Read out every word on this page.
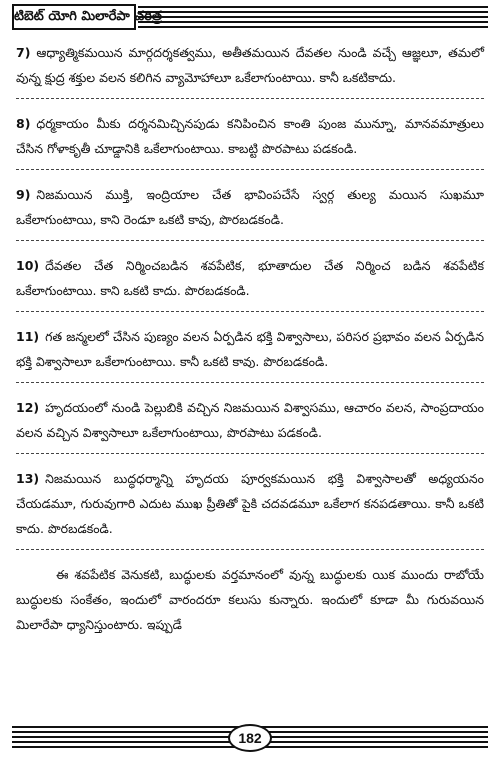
టిబెట్ యోగి మిలారేపా చరిత్ర

7) ఆధ్యాత్మికమయిన మార్గదర్శకత్వము, అతీతమయిన దేవతల నుండి వచ్చే ఆజ్ఞలూ, తమలో వున్న క్షుద్ర శక్తుల వలన కలిగిన వ్యామోహాలూ ఒకేలాగుంటాయి. కానీ ఒకటికాదు.

8) ధర్మకాయం మీకు దర్శనమిచ్చినపుడు కనిపించిన కాంతి పుంజ మున్నూ, మానవమాత్రులు చేసిన గోళాకృతీ చూడ్డానికి ఒకేలాగుంటాయి. కాబట్టి పొరపాటు పడకండి.

9) నిజమయిన ముక్తి, ఇంద్రియాల చేత భావింపచేసే స్వర్గ తుల్య మయిన సుఖమూ ఒకేలాగుంటాయి, కాని రెండూ ఒకటి కావు, పొరబడకండి.

10) దేవతల చేత నిర్మించబడిన శవపేటిక, భూతాదుల చేత నిర్మించ బడిన శవపేటిక ఒకేలాగుంటాయి. కాని ఒకటి కాదు. పొరబడకండి.

11) గత జన్మలలో చేసిన పుణ్యం వలన ఏర్పడిన భక్తి విశ్వాసాలు, పరిసర ప్రభావం వలన ఏర్పడిన భక్తి విశ్వాసాలూ ఒకేలాగుంటాయి. కానీ ఒకటి కావు. పొరబడకండి.

12) హృదయంలో నుండి పెల్లుబికి వచ్చిన నిజమయిన విశ్వాసము, ఆచారం వలన, సాంప్రదాయం వలన వచ్చిన విశ్వాసాలూ ఒకేలాగుంటాయి, పొరపాటు పడకండి.

13) నిజమయిన బుద్ధధర్మాన్ని హృదయ పూర్వకమయిన భక్తి విశ్వాసాలతో అధ్యయనం చేయడమూ, గురువుగారి ఎదుట ముఖ ప్రీతితో పైకి చదవడమూ ఒకేలాగ కనపడతాయి. కానీ ఒకటి కాదు. పొరబడకండి.

ఈ శవపేటిక వెనుకటి, బుద్ధులకు వర్తమానంలో వున్న బుద్ధులకు యిక ముందు రాబోయే బుద్ధులకు సంకేతం, ఇందులో వారందరూ కలుసు కున్నారు. ఇందులో కూడా మీ గురువయిన మిలారేపా ధ్యానిస్తుంటారు. ఇప్పుడే

182
